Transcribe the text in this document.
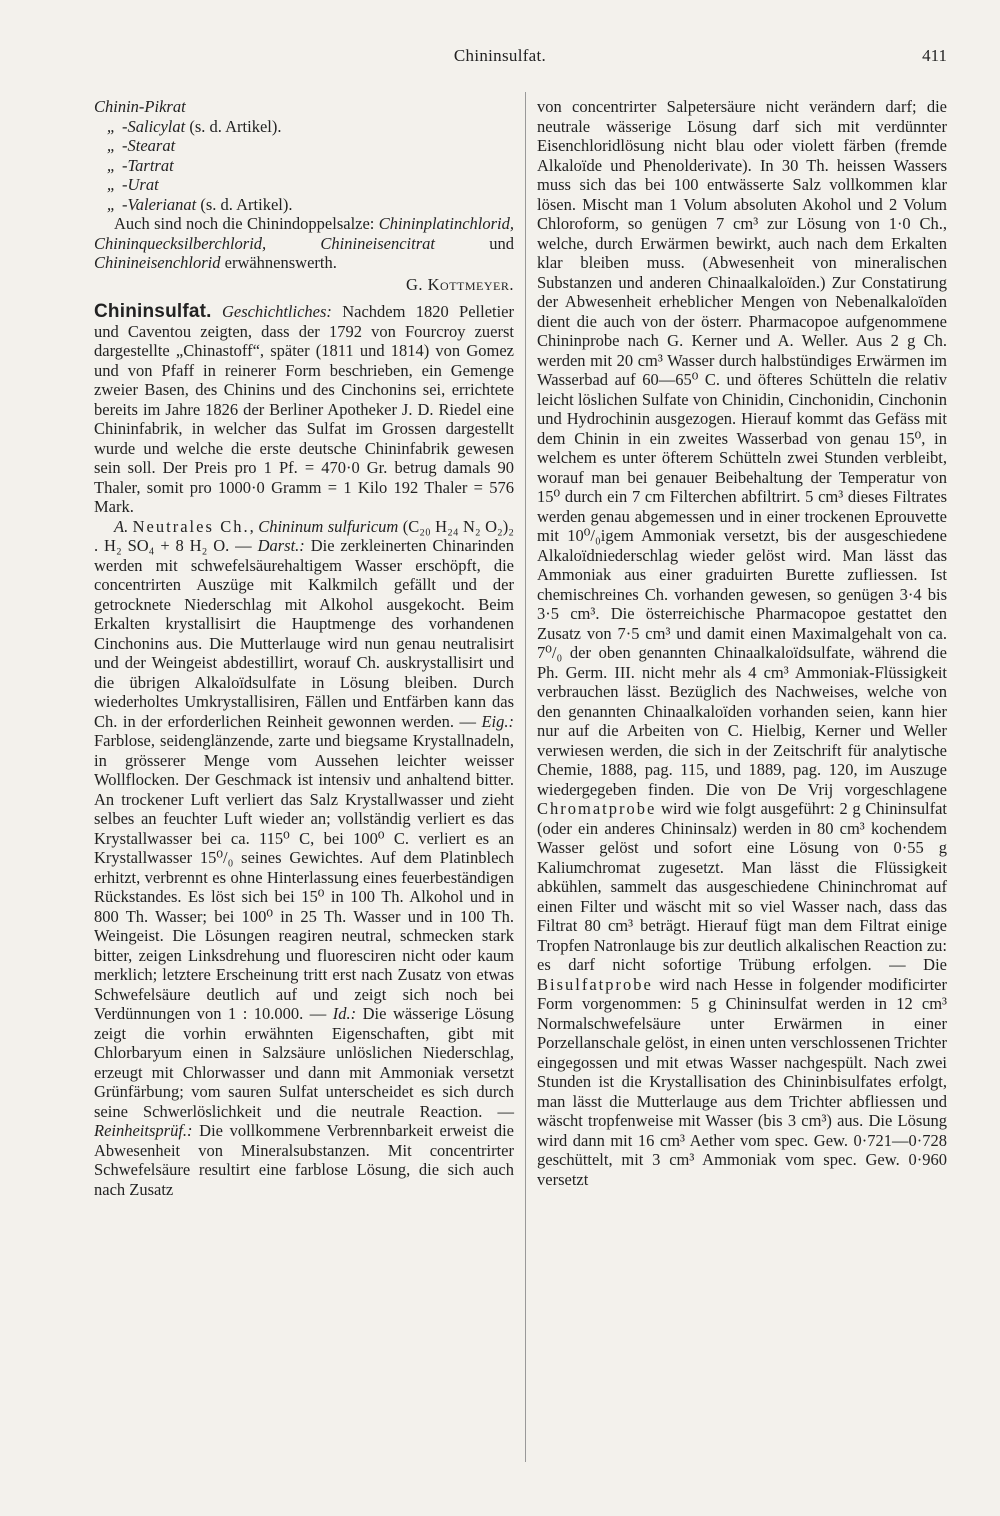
Chininsulfat.	411
Chinin-Pikrat
„ -Salicylat (s. d. Artikel).
„ -Stearat
„ -Tartrat
„ -Urat
„ -Valerianat (s. d. Artikel).

Auch sind noch die Chinindoppelsalze: Chininplatinchlorid, Chininquecksilberchlorid, Chinineisencitrat und Chinineisenchlorid erwähnenswerth.

G. Kottmeyer.

Chininsulfat. Geschichtliches: Nachdem 1820 Pelletier und Caventou zeigten, dass der 1792 von Fourcroy zuerst dargestellte „Chinastoff“, später (1811 und 1814) von Gomez und von Pfaff in reinerer Form beschrieben, ein Gemenge zweier Basen, des Chinins und des Cinchonins sei, errichtete bereits im Jahre 1826 der Berliner Apotheker J. D. Riedel eine Chininfabrik, in welcher das Sulfat im Grossen dargestellt wurde und welche die erste deutsche Chininfabrik gewesen sein soll. Der Preis pro 1 Pf. = 470·0 Gr. betrug damals 90 Thaler, somit pro 1000·0 Gramm = 1 Kilo 192 Thaler = 576 Mark.

A. Neutrales Ch., Chininum sulfuricum (C₂₀ H₂₄ N₂ O₂)₂ . H₂ SO₄ + 8 H₂ O. — Darst.: Die zerkleinerten Chinarinden werden mit schwefelsäurehaltigem Wasser erschöpft, die concentrirten Auszüge mit Kalkmilch gefällt und der getrocknete Niederschlag mit Alkohol ausgekocht. Beim Erkalten krystallisirt die Hauptmenge des vorhandenen Cinchonins aus. Die Mutterlauge wird nun genau neutralisirt und der Weingeist abdestillirt, worauf Ch. auskrystallisirt und die übrigen Alkaloïdsulfate in Lösung bleiben. Durch wiederholtes Umkrystallisiren, Fällen und Entfärben kann das Ch. in der erforderlichen Reinheit gewonnen werden. — Eig.: Farblose, seidenglänzende, zarte und biegsame Krystallnadeln, in grösserer Menge vom Aussehen leichter weisser Wollflocken. Der Geschmack ist intensiv und anhaltend bitter. An trockener Luft verliert das Salz Krystallwasser und zieht selbes an feuchter Luft wieder an; vollständig verliert es das Krystallwasser bei ca. 115⁰ C, bei 100⁰ C. verliert es an Krystallwasser 15⁰/₀ seines Gewichtes. Auf dem Platinblech erhitzt, verbrennt es ohne Hinterlassung eines feuerbeständigen Rückstandes. Es löst sich bei 15⁰ in 100 Th. Alkohol und in 800 Th. Wasser; bei 100⁰ in 25 Th. Wasser und in 100 Th. Weingeist. Die Lösungen reagiren neutral, schmecken stark bitter, zeigen Linksdrehung und fluoresciren nicht oder kaum merklich; letztere Erscheinung tritt erst nach Zusatz von etwas Schwefelsäure deutlich auf und zeigt sich noch bei Verdünnungen von 1 : 10.000. — Id.: Die wässerige Lösung zeigt die vorhin erwähnten Eigenschaften, gibt mit Chlorbaryum einen in Salzsäure unlöslichen Niederschlag, erzeugt mit Chlorwasser und dann mit Ammoniak versetzt Grünfärbung; vom sauren Sulfat unterscheidet es sich durch seine Schwerlöslichkeit und die neutrale Reaction. — Reinheitsprüf.: Die vollkommene Verbrennbarkeit erweist die Abwesenheit von Mineralsubstanzen. Mit concentrirter Schwefelsäure resultirt eine farblose Lösung, die sich auch nach Zusatz

von concentrirter Salpetersäure nicht verändern darf; die neutrale wässerige Lösung darf sich mit verdünnter Eisenchloridlösung nicht blau oder violett färben (fremde Alkaloïde und Phenolderivate). In 30 Th. heissen Wassers muss sich das bei 100 entwässerte Salz vollkommen klar lösen. Mischt man 1 Volum absoluten Akohol und 2 Volum Chloroform, so genügen 7 cm³ zur Lösung von 1·0 Ch., welche, durch Erwärmen bewirkt, auch nach dem Erkalten klar bleiben muss. (Abwesenheit von mineralischen Substanzen und anderen Chinaalkaloïden.) Zur Constatirung der Abwesenheit erheblicher Mengen von Nebenalkaloïden dient die auch von der österr. Pharmacopoe aufgenommene Chininprobe nach G. Kerner und A. Weller. Aus 2 g Ch. werden mit 20 cm³ Wasser durch halbstündiges Erwärmen im Wasserbad auf 60—65⁰ C. und öfteres Schütteln die relativ leicht löslichen Sulfate von Chinidin, Cinchonidin, Cinchonin und Hydrochinin ausgezogen. Hierauf kommt das Gefäss mit dem Chinin in ein zweites Wasserbad von genau 15⁰, in welchem es unter öfterem Schütteln zwei Stunden verbleibt, worauf man bei genauer Beibehaltung der Temperatur von 15⁰ durch ein 7 cm Filterchen abfiltrirt. 5 cm³ dieses Filtrates werden genau abgemessen und in einer trockenen Eprouvette mit 10⁰/₀igem Ammoniak versetzt, bis der ausgeschiedene Alkaloïdniederschlag wieder gelöst wird. Man lässt das Ammoniak aus einer graduirten Burette zufliessen. Ist chemischreines Ch. vorhanden gewesen, so genügen 3·4 bis 3·5 cm³. Die österreichische Pharmacopoe gestattet den Zusatz von 7·5 cm³ und damit einen Maximalgehalt von ca. 7⁰/₀ der oben genannten Chinaalkaloïdsulfate, während die Ph. Germ. III. nicht mehr als 4 cm³ Ammoniak-Flüssigkeit verbrauchen lässt. Bezüglich des Nachweises, welche von den genannten Chinaalkaloïden vorhanden seien, kann hier nur auf die Arbeiten von C. Hielbig, Kerner und Weller verwiesen werden, die sich in der Zeitschrift für analytische Chemie, 1888, pag. 115, und 1889, pag. 120, im Auszuge wiedergegeben finden. Die von De Vrij vorgeschlagene Chromatprobe wird wie folgt ausgeführt: 2 g Chininsulfat (oder ein anderes Chininsalz) werden in 80 cm³ kochendem Wasser gelöst und sofort eine Lösung von 0·55 g Kaliumchromat zugesetzt. Man lässt die Flüssigkeit abkühlen, sammelt das ausgeschiedene Chininchromat auf einen Filter und wäscht mit so viel Wasser nach, dass das Filtrat 80 cm³ beträgt. Hierauf fügt man dem Filtrat einige Tropfen Natronlauge bis zur deutlich alkalischen Reaction zu: es darf nicht sofortige Trübung erfolgen. — Die Bisulfatprobe wird nach Hesse in folgender modificirter Form vorgenommen: 5 g Chininsulfat werden in 12 cm³ Normalschwefelsäure unter Erwärmen in einer Porzellanschale gelöst, in einen unten verschlossenen Trichter eingegossen und mit etwas Wasser nachgespült. Nach zwei Stunden ist die Krystallisation des Chininbisulfates erfolgt, man lässt die Mutterlauge aus dem Trichter abfliessen und wäscht tropfenweise mit Wasser (bis 3 cm³) aus. Die Lösung wird dann mit 16 cm³ Aether vom spec. Gew. 0·721—0·728 geschüttelt, mit 3 cm³ Ammoniak vom spec. Gew. 0·960 versetzt
